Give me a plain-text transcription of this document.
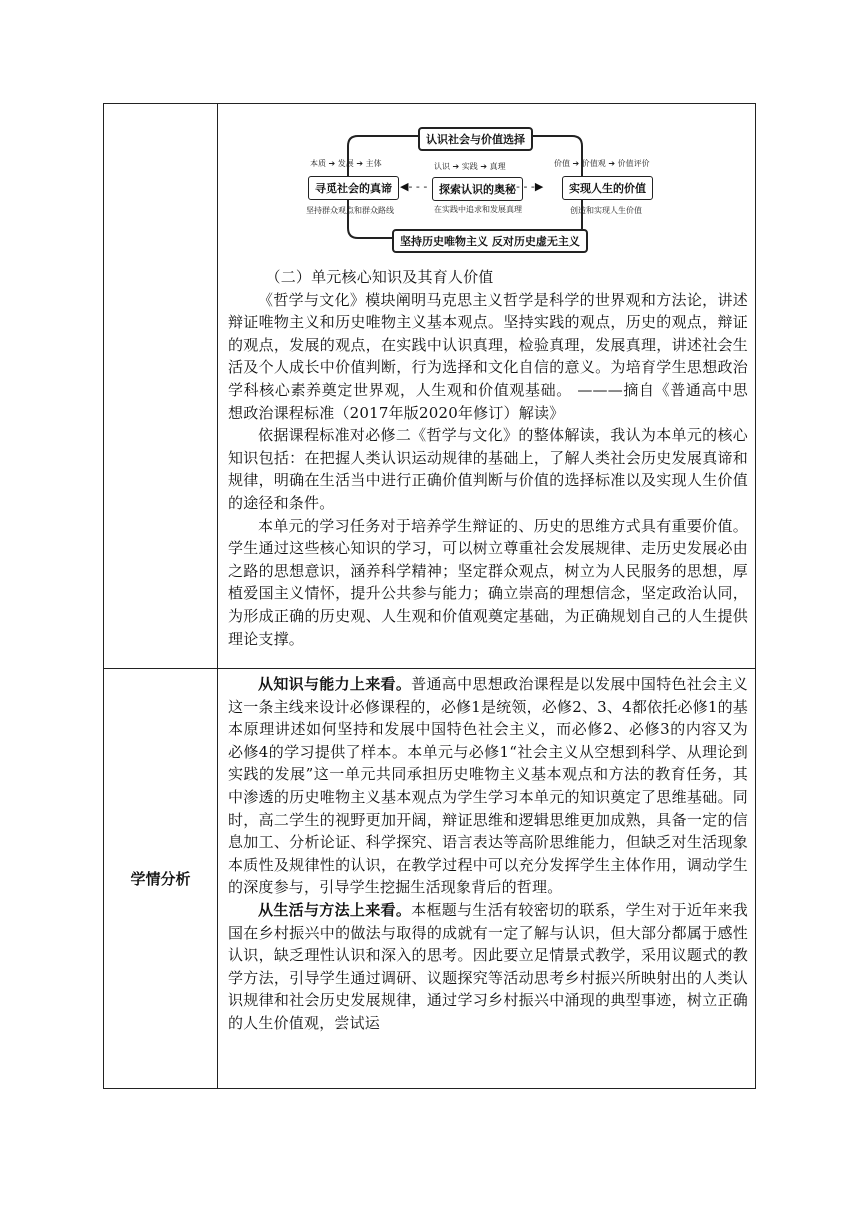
学情分析
认识社会与价值选择
坚持历史唯物主义 反对历史虚无主义
本质 ➔ 发展 ➔ 主体
寻觅社会的真谛
坚持群众观点和群众路线
认识 ➔ 实践 ➔ 真理
探索认识的奥秘
在实践中追求和发展真理
◀- - -	- - -▶
价值 ➔ 价值观 ➔ 价值评价
实现人生的价值
创造和实现人生价值

（二）单元核心知识及其育人价值

《哲学与文化》模块阐明马克思主义哲学是科学的世界观和方法论，讲述辩证唯物主义和历史唯物主义基本观点。坚持实践的观点，历史的观点，辩证的观点，发展的观点，在实践中认识真理，检验真理，发展真理，讲述社会生活及个人成长中价值判断，行为选择和文化自信的意义。为培育学生思想政治学科核心素养奠定世界观，人生观和价值观基础。 ———摘自《普通高中思想政治课程标准（2017年版2020年修订）解读》

依据课程标准对必修二《哲学与文化》的整体解读，我认为本单元的核心知识包括：在把握人类认识运动规律的基础上，了解人类社会历史发展真谛和规律，明确在生活当中进行正确价值判断与价值的选择标准以及实现人生价值的途径和条件。

本单元的学习任务对于培养学生辩证的、历史的思维方式具有重要价值。学生通过这些核心知识的学习，可以树立尊重社会发展规律、走历史发展必由之路的思想意识，涵养科学精神；坚定群众观点，树立为人民服务的思想，厚植爱国主义情怀，提升公共参与能力；确立崇高的理想信念，坚定政治认同，为形成正确的历史观、人生观和价值观奠定基础，为正确规划自己的人生提供理论支撑。

从知识与能力上来看。普通高中思想政治课程是以发展中国特色社会主义这一条主线来设计必修课程的，必修1是统领，必修2、3、4都依托必修1的基本原理讲述如何坚持和发展中国特色社会主义，而必修2、必修3的内容又为必修4的学习提供了样本。本单元与必修1“社会主义从空想到科学、从理论到实践的发展”这一单元共同承担历史唯物主义基本观点和方法的教育任务，其中渗透的历史唯物主义基本观点为学生学习本单元的知识奠定了思维基础。同时，高二学生的视野更加开阔，辩证思维和逻辑思维更加成熟，具备一定的信息加工、分析论证、科学探究、语言表达等高阶思维能力，但缺乏对生活现象本质性及规律性的认识，在教学过程中可以充分发挥学生主体作用，调动学生的深度参与，引导学生挖掘生活现象背后的哲理。

从生活与方法上来看。本框题与生活有较密切的联系，学生对于近年来我国在乡村振兴中的做法与取得的成就有一定了解与认识，但大部分都属于感性认识，缺乏理性认识和深入的思考。因此要立足情景式教学，采用议题式的教学方法，引导学生通过调研、议题探究等活动思考乡村振兴所映射出的人类认识规律和社会历史发展规律，通过学习乡村振兴中涌现的典型事迹，树立正确的人生价值观，尝试运
